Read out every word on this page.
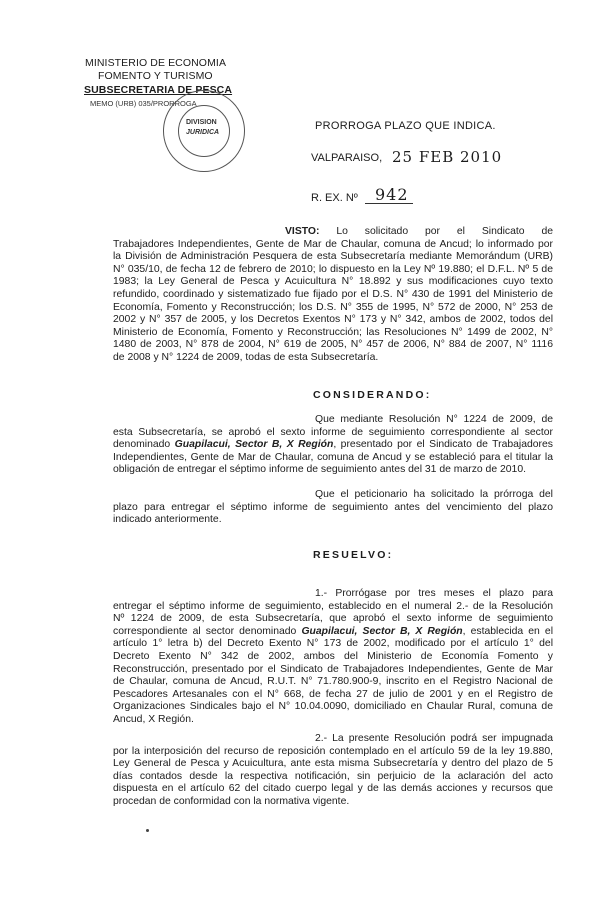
MINISTERIO DE ECONOMIA
FOMENTO Y TURISMO
SUBSECRETARIA DE PESCA
MEMO (URB) 035/PRORROGA
DIVISION
JURIDICA
PRORROGA PLAZO QUE INDICA.
VALPARAISO, 25 FEB 2010
R. EX. Nº 942
VISTO: Lo solicitado por el Sindicato de
Trabajadores Independientes, Gente de Mar de Chaular, comuna de Ancud; lo informado por
la División de Administración Pesquera de esta Subsecretaría mediante Memorándum (URB)
N° 035/10, de fecha 12 de febrero de 2010; lo dispuesto en la Ley Nº 19.880; el D.F.L. Nº 5 de
1983; la Ley General de Pesca y Acuicultura N° 18.892 y sus modificaciones cuyo texto
refundido, coordinado y sistematizado fue fijado por el D.S. N° 430 de 1991 del Ministerio de
Economía, Fomento y Reconstrucción; los D.S. N° 355 de 1995, N° 572 de 2000, N° 253 de
2002 y N° 357 de 2005, y los Decretos Exentos N° 173 y N° 342, ambos de 2002, todos del
Ministerio de Economía, Fomento y Reconstrucción; las Resoluciones N° 1499 de 2002, N°
1480 de 2003, N° 878 de 2004, N° 619 de 2005, N° 457 de 2006, N° 884 de 2007, N° 1116
de 2008 y N° 1224 de 2009, todas de esta Subsecretaría.
CONSIDERANDO:
Que mediante Resolución N° 1224 de 2009, de
esta Subsecretaría, se aprobó el sexto informe de seguimiento correspondiente al sector
denominado Guapilacui, Sector B, X Región, presentado por el Sindicato de Trabajadores
Independientes, Gente de Mar de Chaular, comuna de Ancud y se estableció para el titular la
obligación de entregar el séptimo informe de seguimiento antes del 31 de marzo de 2010.
Que el peticionario ha solicitado la prórroga del
plazo para entregar el séptimo informe de seguimiento antes del vencimiento del plazo
indicado anteriormente.
RESUELVO:
1.- Prorrógase por tres meses el plazo para
entregar el séptimo informe de seguimiento, establecido en el numeral 2.- de la Resolución
Nº 1224 de 2009, de esta Subsecretaría, que aprobó el sexto informe de seguimiento
correspondiente al sector denominado Guapilacui, Sector B, X Región, establecida en el
artículo 1° letra b) del Decreto Exento N° 173 de 2002, modificado por el artículo 1° del
Decreto Exento N° 342 de 2002, ambos del Ministerio de Economía Fomento y
Reconstrucción, presentado por el Sindicato de Trabajadores Independientes, Gente de Mar
de Chaular, comuna de Ancud, R.U.T. N° 71.780.900-9, inscrito en el Registro Nacional de
Pescadores Artesanales con el N° 668, de fecha 27 de julio de 2001 y en el Registro de
Organizaciones Sindicales bajo el N° 10.04.0090, domiciliado en Chaular Rural, comuna de
Ancud, X Región.
2.- La presente Resolución podrá ser impugnada
por la interposición del recurso de reposición contemplado en el artículo 59 de la ley 19.880,
Ley General de Pesca y Acuicultura, ante esta misma Subsecretaría y dentro del plazo de 5
días contados desde la respectiva notificación, sin perjuicio de la aclaración del acto
dispuesta en el artículo 62 del citado cuerpo legal y de las demás acciones y recursos que
procedan de conformidad con la normativa vigente.
